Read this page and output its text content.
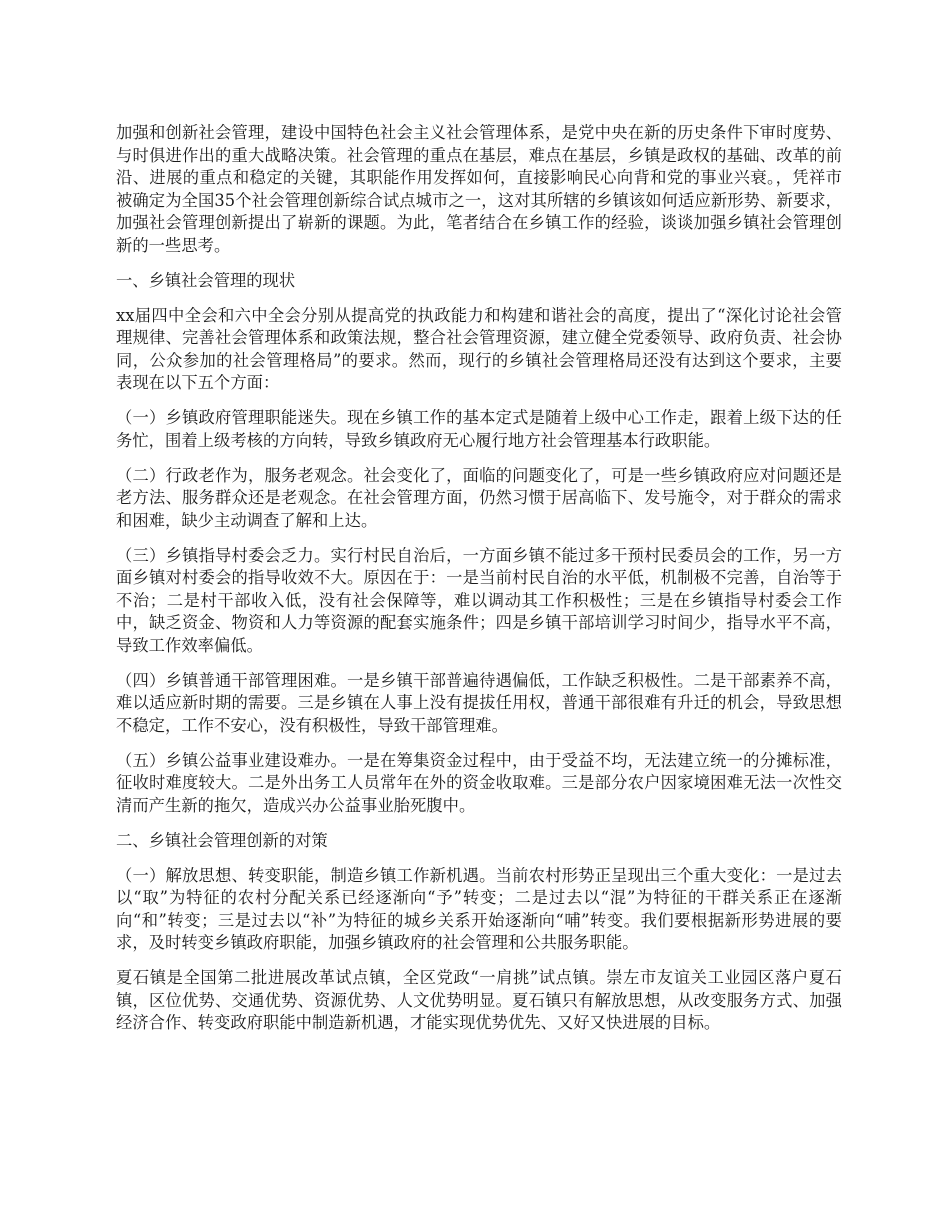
加强和创新社会管理，建设中国特色社会主义社会管理体系，是党中央在新的历史条件下审时度势、与时俱进作出的重大战略决策。社会管理的重点在基层，难点在基层，乡镇是政权的基础、改革的前沿、进展的重点和稳定的关键，其职能作用发挥如何，直接影响民心向背和党的事业兴衰。，凭祥市被确定为全国35个社会管理创新综合试点城市之一，这对其所辖的乡镇该如何适应新形势、新要求，加强社会管理创新提出了崭新的课题。为此，笔者结合在乡镇工作的经验，谈谈加强乡镇社会管理创新的一些思考。

一、乡镇社会管理的现状

xx届四中全会和六中全会分别从提高党的执政能力和构建和谐社会的高度，提出了“深化讨论社会管理规律、完善社会管理体系和政策法规，整合社会管理资源，建立健全党委领导、政府负责、社会协同，公众参加的社会管理格局”的要求。然而，现行的乡镇社会管理格局还没有达到这个要求，主要表现在以下五个方面：

（一）乡镇政府管理职能迷失。现在乡镇工作的基本定式是随着上级中心工作走，跟着上级下达的任务忙，围着上级考核的方向转，导致乡镇政府无心履行地方社会管理基本行政职能。

（二）行政老作为，服务老观念。社会变化了，面临的问题变化了，可是一些乡镇政府应对问题还是老方法、服务群众还是老观念。在社会管理方面，仍然习惯于居高临下、发号施令，对于群众的需求和困难，缺少主动调查了解和上达。

（三）乡镇指导村委会乏力。实行村民自治后，一方面乡镇不能过多干预村民委员会的工作，另一方面乡镇对村委会的指导收效不大。原因在于：一是当前村民自治的水平低，机制极不完善，自治等于不治；二是村干部收入低，没有社会保障等，难以调动其工作积极性；三是在乡镇指导村委会工作中，缺乏资金、物资和人力等资源的配套实施条件；四是乡镇干部培训学习时间少，指导水平不高，导致工作效率偏低。

（四）乡镇普通干部管理困难。一是乡镇干部普遍待遇偏低，工作缺乏积极性。二是干部素养不高，难以适应新时期的需要。三是乡镇在人事上没有提拔任用权，普通干部很难有升迁的机会，导致思想不稳定，工作不安心，没有积极性，导致干部管理难。

（五）乡镇公益事业建设难办。一是在筹集资金过程中，由于受益不均，无法建立统一的分摊标准，征收时难度较大。二是外出务工人员常年在外的资金收取难。三是部分农户因家境困难无法一次性交清而产生新的拖欠，造成兴办公益事业胎死腹中。

二、乡镇社会管理创新的对策

（一）解放思想、转变职能，制造乡镇工作新机遇。当前农村形势正呈现出三个重大变化：一是过去以“取”为特征的农村分配关系已经逐渐向“予”转变；二是过去以“混”为特征的干群关系正在逐渐向“和”转变；三是过去以“补”为特征的城乡关系开始逐渐向“哺”转变。我们要根据新形势进展的要求，及时转变乡镇政府职能，加强乡镇政府的社会管理和公共服务职能。

夏石镇是全国第二批进展改革试点镇，全区党政“一肩挑”试点镇。崇左市友谊关工业园区落户夏石镇，区位优势、交通优势、资源优势、人文优势明显。夏石镇只有解放思想，从改变服务方式、加强经济合作、转变政府职能中制造新机遇，才能实现优势优先、又好又快进展的目标。
